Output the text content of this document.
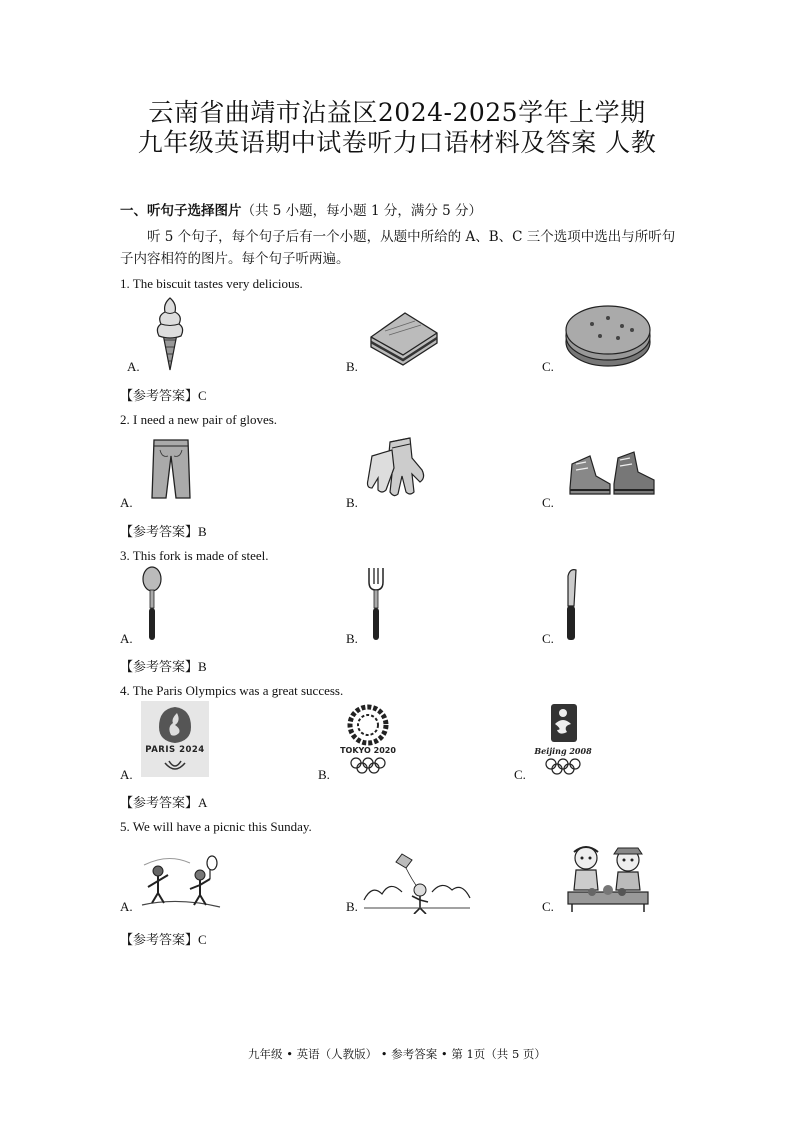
云南省曲靖市沾益区2024-2025学年上学期
九年级英语期中试卷听力口语材料及答案 人教
一、听句子选择图片（共 5 小题，每小题 1 分，满分 5 分）
听 5 个句子，每个句子后有一个小题，从题中所给的 A、B、C 三个选项中选出与所听句子内容相符的图片。每个句子听两遍。
1. The biscuit tastes very delicious.
A.	B.	C.
【参考答案】C
2. I need a new pair of gloves.
A.	B.	C.
【参考答案】B
3. This fork is made of steel.
A.	B.	C.
【参考答案】B
4. The Paris Olympics was a great success.
PARIS 2024
A.
TOKYO 2020
B.
Beijing 2008
C.
【参考答案】A
5. We will have a picnic this Sunday.
A.	B.	C.
【参考答案】C
九年级 • 英语（人教版） • 参考答案 • 第 1页（共 5 页）
